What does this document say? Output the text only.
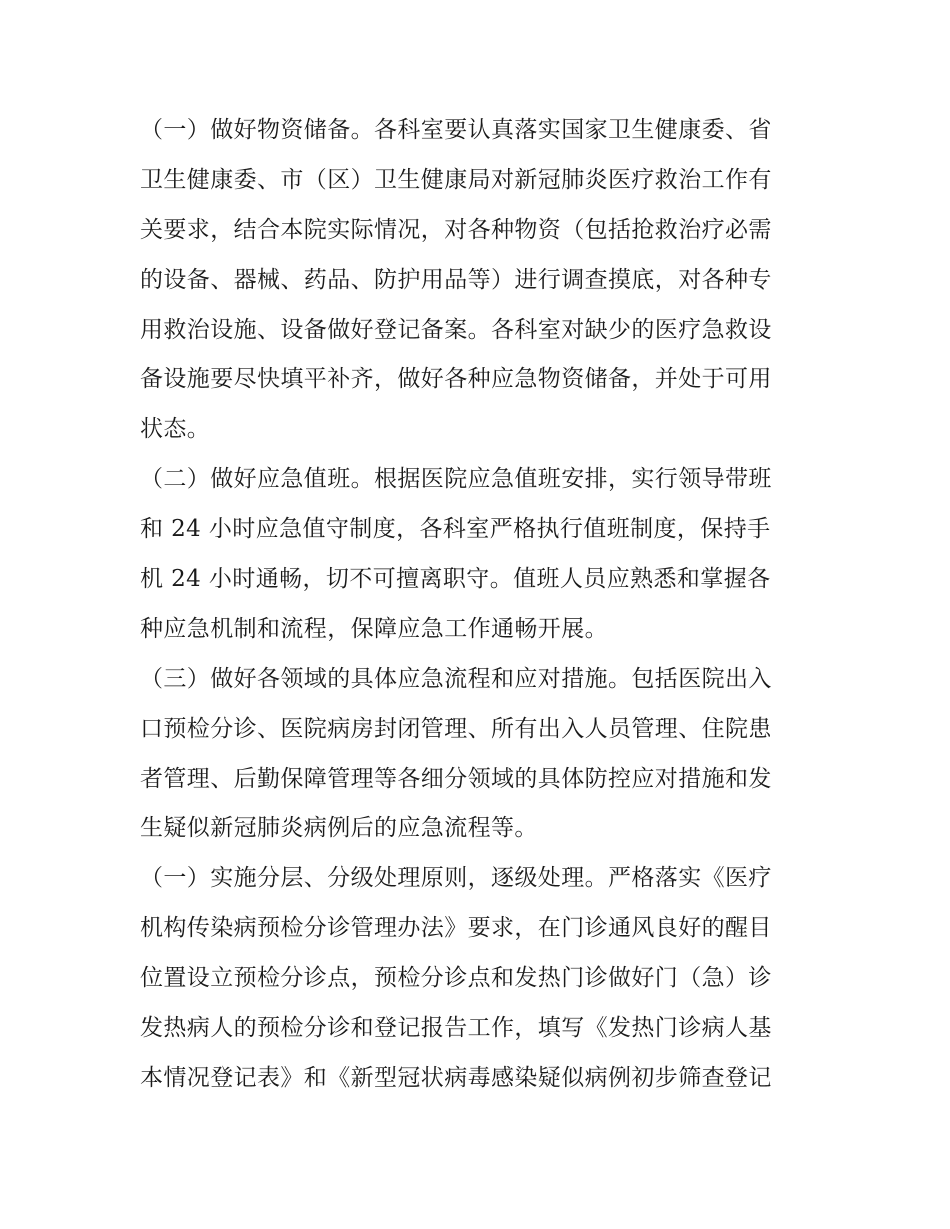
（一）做好物资储备。各科室要认真落实国家卫生健康委、省
卫生健康委、市（区）卫生健康局对新冠肺炎医疗救治工作有
关要求，结合本院实际情况，对各种物资（包括抢救治疗必需
的设备、器械、药品、防护用品等）进行调查摸底，对各种专
用救治设施、设备做好登记备案。各科室对缺少的医疗急救设
备设施要尽快填平补齐，做好各种应急物资储备，并处于可用
状态。
（二）做好应急值班。根据医院应急值班安排，实行领导带班
和 24 小时应急值守制度，各科室严格执行值班制度，保持手
机 24 小时通畅，切不可擅离职守。值班人员应熟悉和掌握各
种应急机制和流程，保障应急工作通畅开展。
（三）做好各领域的具体应急流程和应对措施。包括医院出入
口预检分诊、医院病房封闭管理、所有出入人员管理、住院患
者管理、后勤保障管理等各细分领域的具体防控应对措施和发
生疑似新冠肺炎病例后的应急流程等。
（一）实施分层、分级处理原则，逐级处理。严格落实《医疗
机构传染病预检分诊管理办法》要求，在门诊通风良好的醒目
位置设立预检分诊点，预检分诊点和发热门诊做好门（急）诊
发热病人的预检分诊和登记报告工作，填写《发热门诊病人基
本情况登记表》和《新型冠状病毒感染疑似病例初步筛查登记
